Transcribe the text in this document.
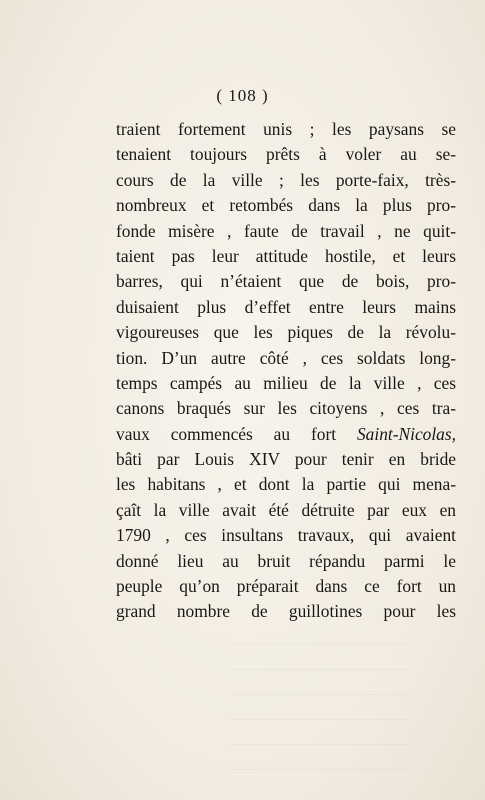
( 108 )
traient fortement unis ; les paysans se
tenaient toujours prêts à voler au se-
cours de la ville ; les porte-faix, très-
nombreux et retombés dans la plus pro-
fonde misère , faute de travail , ne quit-
taient pas leur attitude hostile, et leurs
barres, qui n’étaient que de bois, pro-
duisaient plus d’effet entre leurs mains
vigoureuses que les piques de la révolu-
tion. D’un autre côté , ces soldats long-
temps campés au milieu de la ville , ces
canons braqués sur les citoyens , ces tra-
vaux commencés au fort Saint-Nicolas,
bâti par Louis XIV pour tenir en bride
les habitans , et dont la partie qui mena-
çaît la ville avait été détruite par eux en
1790 , ces insultans travaux, qui avaient
donné lieu au bruit répandu parmi le
peuple qu’on préparait dans ce fort un
grand nombre de guillotines pour les
